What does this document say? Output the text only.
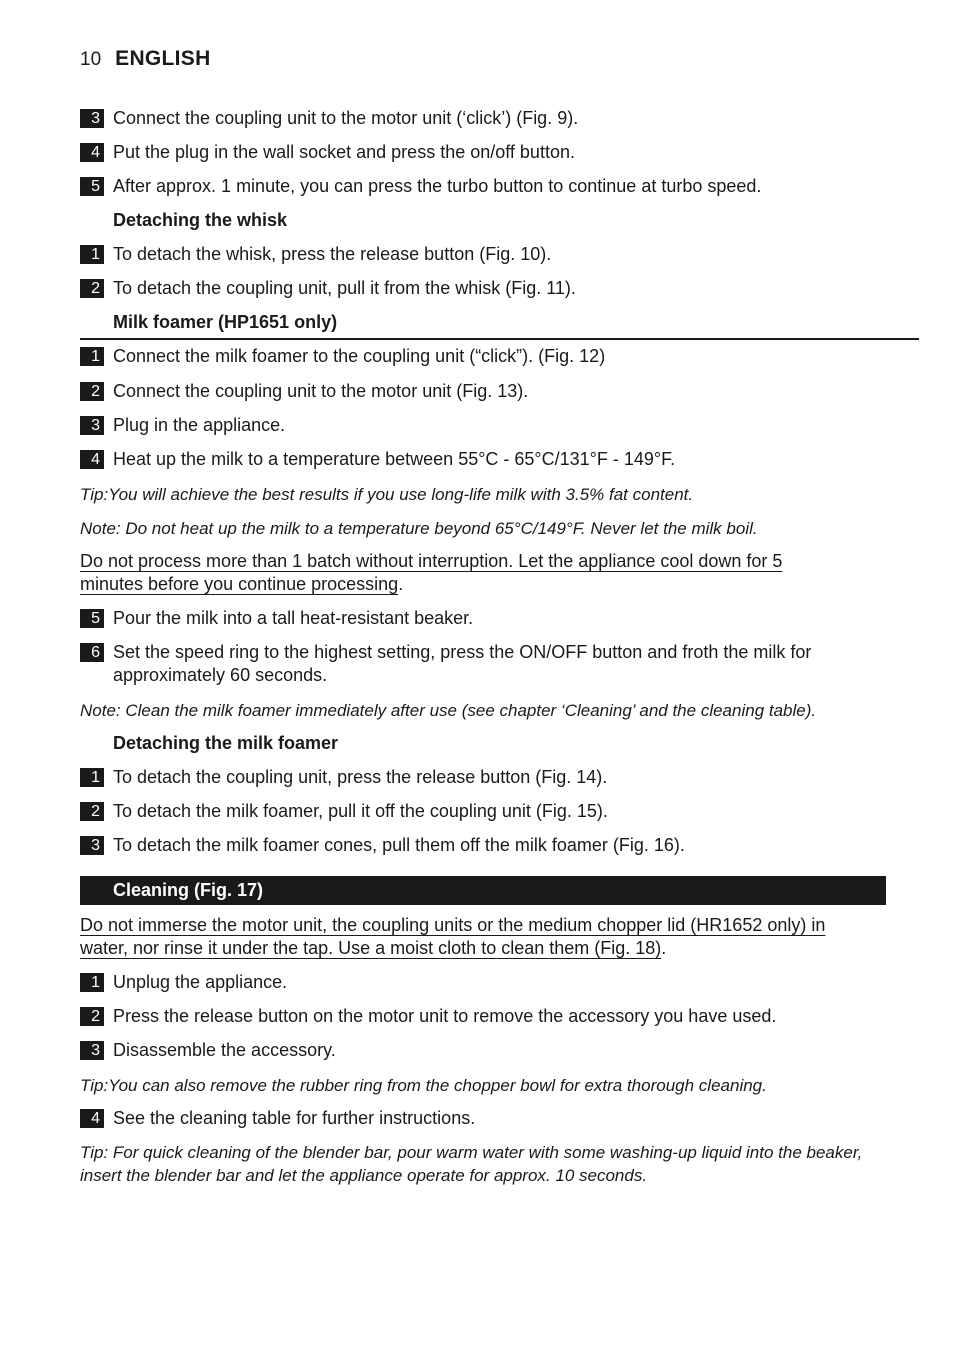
10 ENGLISH
3 Connect the coupling unit to the motor unit (‘click’) (Fig. 9).
4 Put the plug in the wall socket and press the on/off button.
5 After approx. 1 minute, you can press the turbo button to continue at turbo speed.
Detaching the whisk
1 To detach the whisk, press the release button (Fig. 10).
2 To detach the coupling unit, pull it from the whisk (Fig. 11).
Milk foamer (HP1651 only)
1 Connect the milk foamer to the coupling unit (“click”). (Fig. 12)
2 Connect the coupling unit to the motor unit (Fig. 13).
3 Plug in the appliance.
4 Heat up the milk to a temperature between 55°C - 65°C/131°F - 149°F.
Tip:You will achieve the best results if you use long-life milk with 3.5% fat content.
Note: Do not heat up the milk to a temperature beyond 65°C/149°F. Never let the milk boil.
Do not process more than 1 batch without interruption. Let the appliance cool down for 5
minutes before you continue processing.
5 Pour the milk into a tall heat-resistant beaker.
6 Set the speed ring to the highest setting, press the ON/OFF button and froth the milk for approximately 60 seconds.
Note: Clean the milk foamer immediately after use (see chapter ‘Cleaning’ and the cleaning table).
Detaching the milk foamer
1 To detach the coupling unit, press the release button (Fig. 14).
2 To detach the milk foamer, pull it off the coupling unit (Fig. 15).
3 To detach the milk foamer cones, pull them off the milk foamer (Fig. 16).
Cleaning (Fig. 17)
Do not immerse the motor unit, the coupling units or the medium chopper lid (HR1652 only) in
water, nor rinse it under the tap. Use a moist cloth to clean them (Fig. 18).
1 Unplug the appliance.
2 Press the release button on the motor unit to remove the accessory you have used.
3 Disassemble the accessory.
Tip:You can also remove the rubber ring from the chopper bowl for extra thorough cleaning.
4 See the cleaning table for further instructions.
Tip: For quick cleaning of the blender bar, pour warm water with some washing-up liquid into the beaker, insert the blender bar and let the appliance operate for approx. 10 seconds.
